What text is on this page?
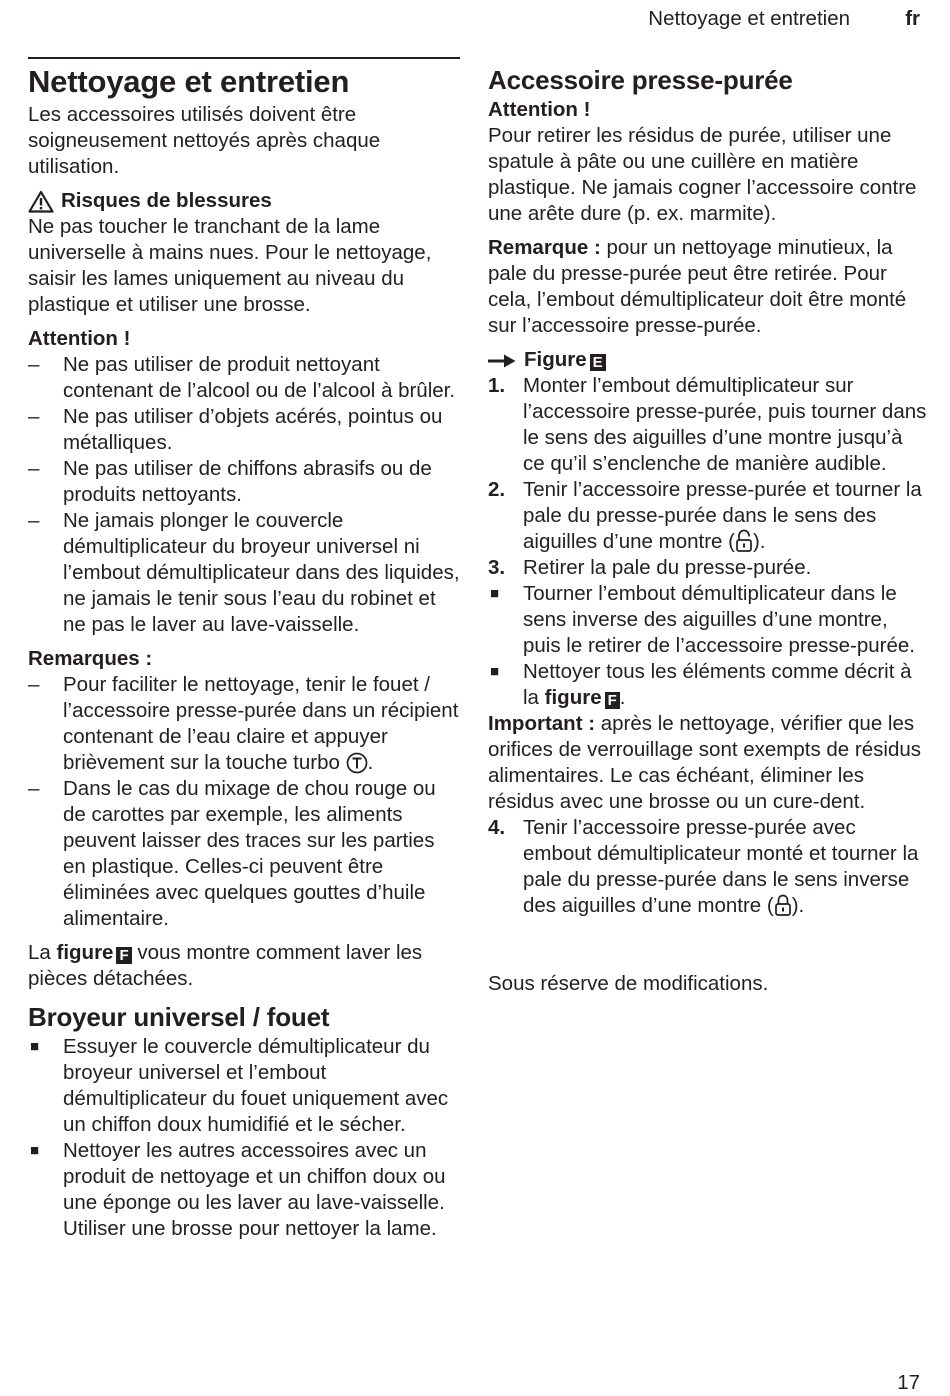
Nettoyage et entretien	fr
Nettoyage et entretien

Les accessoires utilisés doivent être soigneusement nettoyés après chaque utilisation.

Risques de blessures

Ne pas toucher le tranchant de la lame universelle à mains nues. Pour le nettoyage, saisir les lames uniquement au niveau du plastique et utiliser une brosse.

Attention !

– Ne pas utiliser de produit nettoyant contenant de l’alcool ou de l’alcool à brûler.
– Ne pas utiliser d’objets acérés, pointus ou métalliques.
– Ne pas utiliser de chiffons abrasifs ou de produits nettoyants.
– Ne jamais plonger le couvercle démultiplicateur du broyeur universel ni l’embout démultiplicateur dans des liquides, ne jamais le tenir sous l’eau du robinet et ne pas le laver au lave-vaisselle.

Remarques :

– Pour faciliter le nettoyage, tenir le fouet / l’accessoire presse-purée dans un récipient contenant de l’eau claire et appuyer brièvement sur la touche turbo .
– Dans le cas du mixage de chou rouge ou de carottes par exemple, les aliments peuvent laisser des traces sur les parties en plastique. Celles-ci peuvent être éliminées avec quelques gouttes d’huile alimentaire.

La figure F vous montre comment laver les pièces détachées.

Broyeur universel / fouet
■ Essuyer le couvercle démultiplicateur du broyeur universel et l’embout démultiplicateur du fouet uniquement avec un chiffon doux humidifié et le sécher.
■ Nettoyer les autres accessoires avec un produit de nettoyage et un chiffon doux ou une éponge ou les laver au lave-vaisselle. Utiliser une brosse pour nettoyer la lame.
Accessoire presse-purée

Attention !

Pour retirer les résidus de purée, utiliser une spatule à pâte ou une cuillère en matière plastique. Ne jamais cogner l’accessoire contre une arête dure (p. ex. marmite).

Remarque : pour un nettoyage minutieux, la pale du presse-purée peut être retirée. Pour cela, l’embout démultiplicateur doit être monté sur l’accessoire presse-purée.

Figure E

1. Monter l’embout démultiplicateur sur l’accessoire presse-purée, puis tourner dans le sens des aiguilles d’une montre jusqu’à ce qu’il s’enclenche de manière audible.
2. Tenir l’accessoire presse-purée et tourner la pale du presse-purée dans le sens des aiguilles d’une montre ( ).
3. Retirer la pale du presse-purée.
■ Tourner l’embout démultiplicateur dans le sens inverse des aiguilles d’une montre, puis le retirer de l’accessoire presse-purée.
■ Nettoyer tous les éléments comme décrit à la figure F .

Important : après le nettoyage, vérifier que les orifices de verrouillage sont exempts de résidus alimentaires. Le cas échéant, éliminer les résidus avec une brosse ou un cure-dent.

4. Tenir l’accessoire presse-purée avec embout démultiplicateur monté et tourner la pale du presse-purée dans le sens inverse des aiguilles d’une montre ( ).

Sous réserve de modifications.

17
